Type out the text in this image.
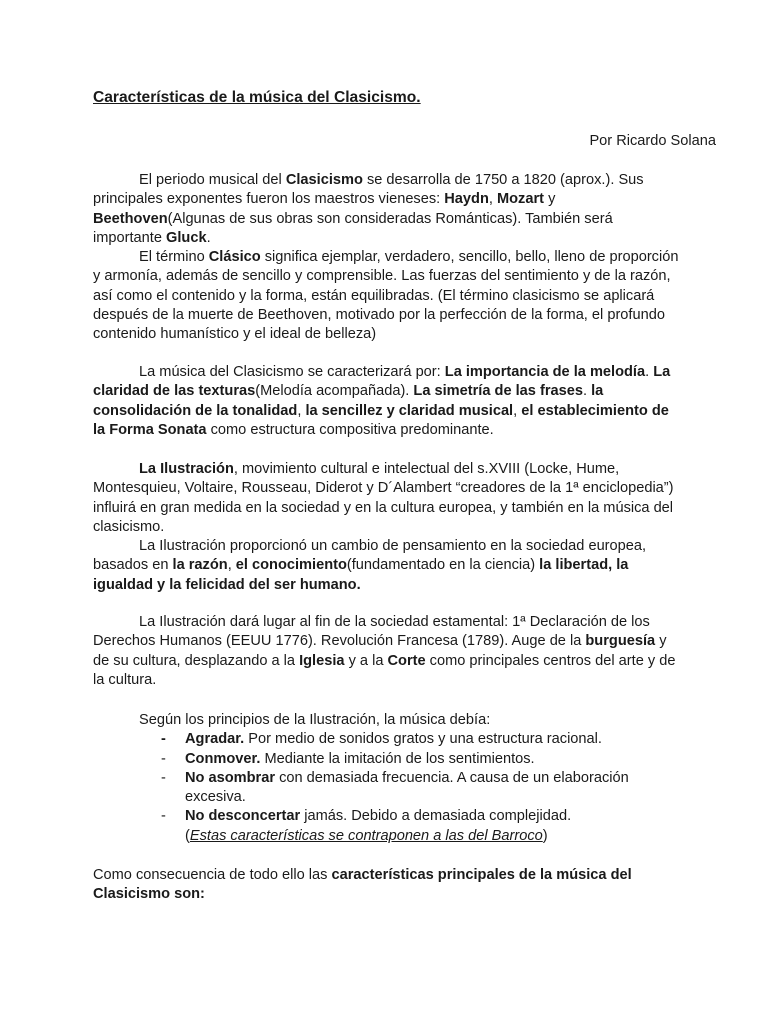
Características de la música del Clasicismo.
Por Ricardo Solana

El periodo musical del Clasicismo se desarrolla de 1750 a 1820 (aprox.). Sus principales exponentes fueron los maestros vieneses: Haydn, Mozart y Beethoven(Algunas de sus obras son consideradas Románticas). También será importante Gluck.

El término Clásico significa ejemplar, verdadero, sencillo, bello, lleno de proporción y armonía, además de sencillo y comprensible. Las fuerzas del sentimiento y de la razón, así como el contenido y la forma, están equilibradas. (El término clasicismo se aplicará después de la muerte de Beethoven, motivado por la perfección de la forma, el profundo contenido humanístico y el ideal de belleza)

La música del Clasicismo se caracterizará por: La importancia de la melodía. La claridad de las texturas(Melodía acompañada). La simetría de las frases. la consolidación de la tonalidad, la sencillez y claridad musical, el establecimiento de la Forma Sonata como estructura compositiva predominante.

La Ilustración, movimiento cultural e intelectual del s.XVIII (Locke, Hume, Montesquieu, Voltaire, Rousseau, Diderot y D´Alambert “creadores de la 1ª enciclopedia”) influirá en gran medida en la sociedad y en la cultura europea, y también en la música del clasicismo.

La Ilustración proporcionó un cambio de pensamiento en la sociedad europea, basados en la razón, el conocimiento(fundamentado en la ciencia) la libertad, la igualdad y la felicidad del ser humano.

La Ilustración dará lugar al fin de la sociedad estamental: 1ª Declaración de los Derechos Humanos (EEUU 1776). Revolución Francesa (1789). Auge de la burguesía y de su cultura, desplazando a la Iglesia y a la Corte como principales centros del arte y de la cultura.

Según los principios de la Ilustración, la música debía:

- Agradar. Por medio de sonidos gratos y una estructura racional.
- Conmover. Mediante la imitación de los sentimientos.
- No asombrar con demasiada frecuencia. A causa de un elaboración excesiva.
- No desconcertar jamás. Debido a demasiada complejidad.

(Estas características se contraponen a las del Barroco)

Como consecuencia de todo ello las características principales de la música del Clasicismo son:
